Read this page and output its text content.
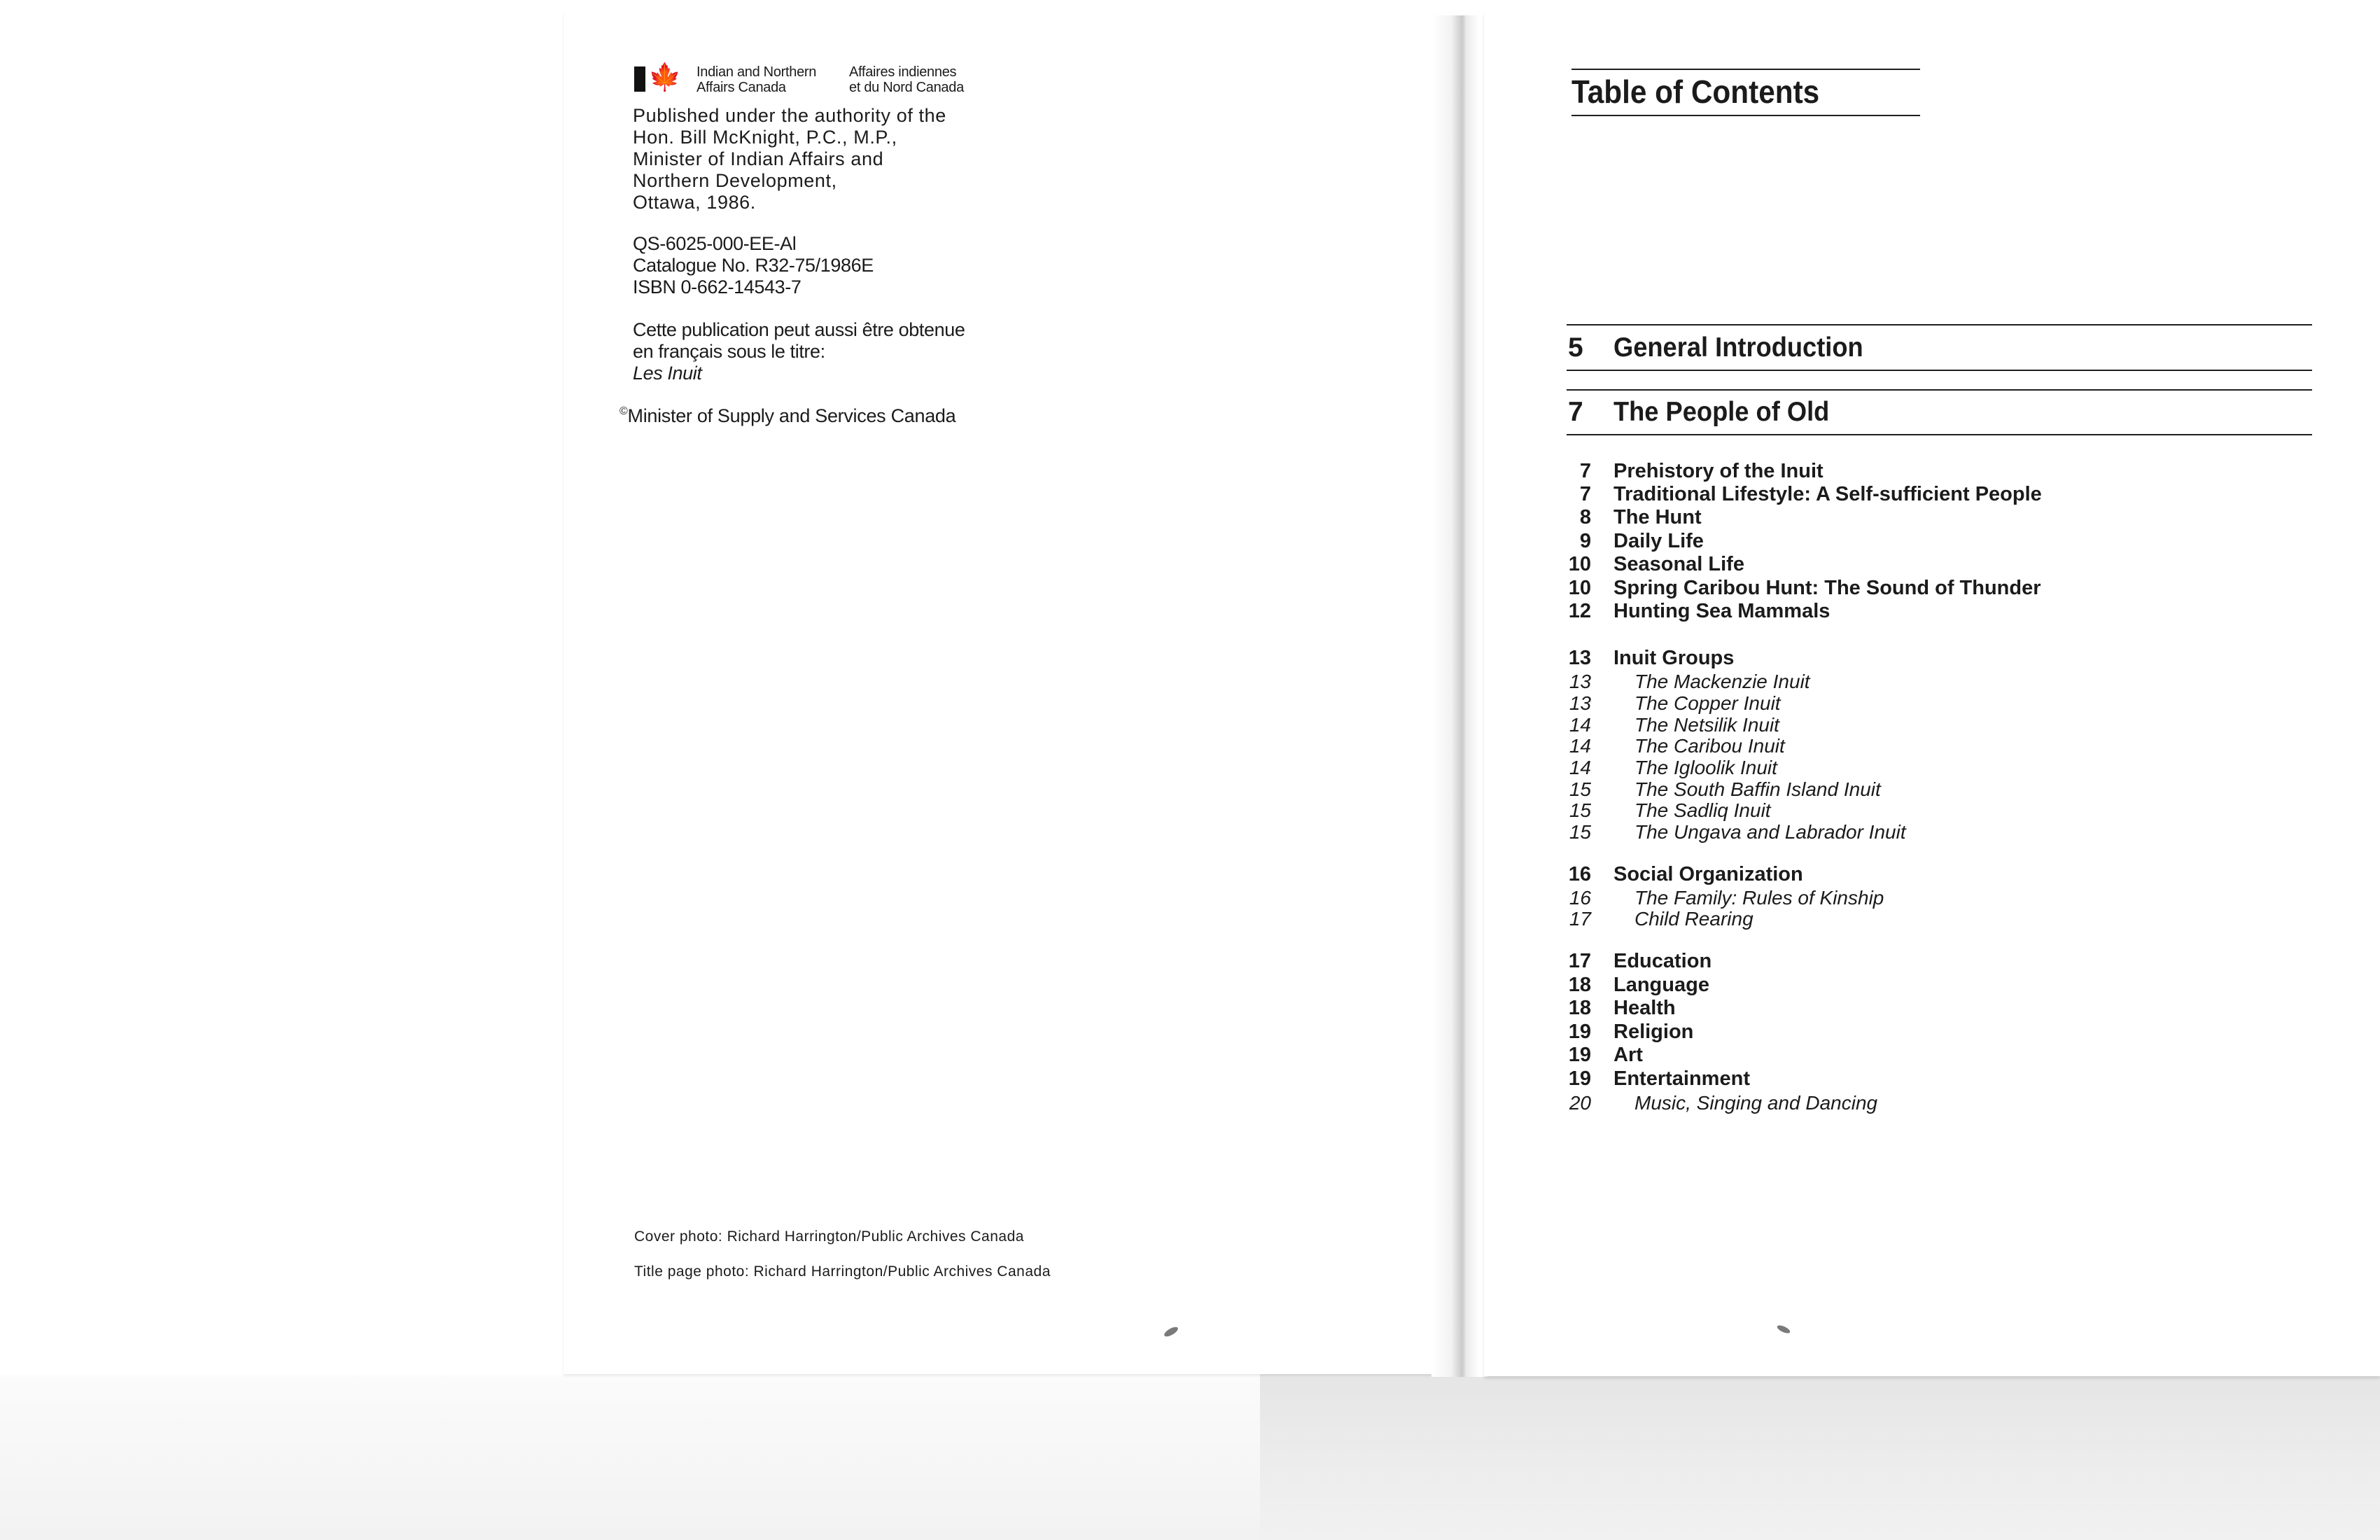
🍁 Indian and Northern
Affairs Canada
Affaires indiennes
et du Nord Canada
Published under the authority of the
Hon. Bill McKnight, P.C., M.P.,
Minister of Indian Affairs and
Northern Development,
Ottawa, 1986.
QS-6025-000-EE-Al
Catalogue No. R32-75/1986E
ISBN 0-662-14543-7
Cette publication peut aussi être obtenue
en français sous le titre:
Les Inuit
©Minister of Supply and Services Canada
Cover photo: Richard Harrington/Public Archives Canada
Title page photo: Richard Harrington/Public Archives Canada
Table of Contents
5 General Introduction
7 The People of Old
7 Prehistory of the Inuit
7 Traditional Lifestyle: A Self-sufficient People
8 The Hunt
9 Daily Life
10 Seasonal Life
10 Spring Caribou Hunt: The Sound of Thunder
12 Hunting Sea Mammals
13 Inuit Groups
13 The Mackenzie Inuit
13 The Copper Inuit
14 The Netsilik Inuit
14 The Caribou Inuit
14 The Igloolik Inuit
15 The South Baffin Island Inuit
15 The Sadliq Inuit
15 The Ungava and Labrador Inuit
16 Social Organization
16 The Family: Rules of Kinship
17 Child Rearing
17 Education
18 Language
18 Health
19 Religion
19 Art
19 Entertainment
20 Music, Singing and Dancing
